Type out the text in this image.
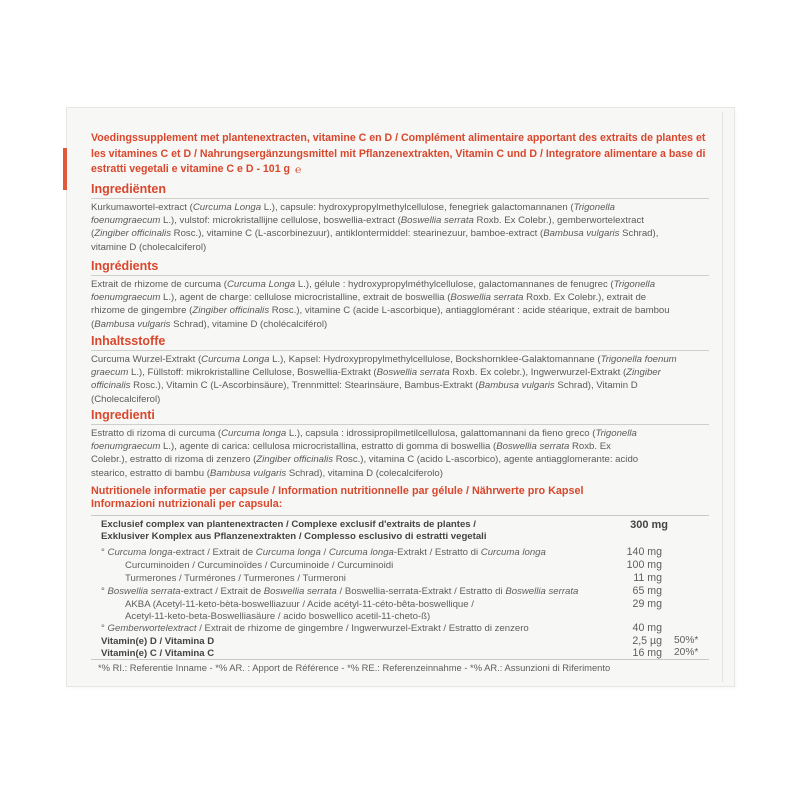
Voedingssupplement met plantenextracten, vitamine C en D / Complément alimentaire apportant des extraits de plantes et
les vitamines C et D / Nahrungsergänzungsmittel mit Pflanzenextrakten, Vitamin C und D / Integratore alimentare a base di
estratti vegetali e vitamine C e D - 101 g ℮
Ingrediënten
Kurkumawortel-extract (Curcuma Longa L.), capsule: hydroxypropylmethylcellulose, fenegriek galactomannanen (Trigonella
foenumgraecum L.), vulstof: microkristallijne cellulose, boswellia-extract (Boswellia serrata Roxb. Ex Colebr.), gemberwortelextract
(Zingiber officinalis Rosc.), vitamine C (L-ascorbinezuur), antiklontermiddel: stearinezuur, bamboe-extract (Bambusa vulgaris Schrad),
vitamine D (cholecalciferol)
Ingrédients
Extrait de rhizome de curcuma (Curcuma Longa L.), gélule : hydroxypropylméthylcellulose, galactomannanes de fenugrec (Trigonella
foenumgraecum L.), agent de charge: cellulose microcristalline, extrait de boswellia (Boswellia serrata Roxb. Ex Colebr.), extrait de
rhizome de gingembre (Zingiber officinalis Rosc.), vitamine C (acide L-ascorbique), antiagglomérant : acide stéarique, extrait de bambou
(Bambusa vulgaris Schrad), vitamine D (cholécalciférol)
Inhaltsstoffe
Curcuma Wurzel-Extrakt (Curcuma Longa L.), Kapsel: Hydroxypropylmethylcellulose, Bockshornklee-Galaktomannane (Trigonella foenum
graecum L.), Füllstoff: mikrokristalline Cellulose, Boswellia-Extrakt (Boswellia serrata Roxb. Ex colebr.), Ingwerwurzel-Extrakt (Zingiber
officinalis Rosc.), Vitamin C (L-Ascorbinsäure), Trennmittel: Stearinsäure, Bambus-Extrakt (Bambusa vulgaris Schrad), Vitamin D
(Cholecalciferol)
Ingredienti
Estratto di rizoma di curcuma (Curcuma longa L.), capsula : idrossipropilmetilcellulosa, galattomannani da fieno greco (Trigonella
foenumgraecum L.), agente di carica: cellulosa microcristallina, estratto di gomma di boswellia (Boswellia serrata Roxb. Ex
Colebr.), estratto di rizoma di zenzero (Zingiber officinalis Rosc.), vitamina C (acido L-ascorbico), agente antiagglomerante: acido
stearico, estratto di bambu (Bambusa vulgaris Schrad), vitamina D (colecalciferolo)
Nutritionele informatie per capsule / Information nutritionnelle par gélule / Nährwerte pro Kapsel
Informazioni nutrizionali per capsula:
Exclusief complex van plantenextracten / Complexe exclusif d'extraits de plantes /
Exklusiver Komplex aus Pflanzenextrakten / Complesso esclusivo di estratti vegetali
300 mg
° Curcuma longa-extract / Extrait de Curcuma longa / Curcuma longa-Extrakt / Estratto di Curcuma longa	140 mg
Curcuminoiden / Curcuminoïdes / Curcuminoide / Curcuminoidi	100 mg
Turmerones / Turmérones / Turmerones / Turmeroni	11 mg
° Boswellia serrata-extract / Extrait de Boswellia serrata / Boswellia-serrata-Extrakt / Estratto di Boswellia serrata	65 mg
AKBA (Acetyl-11-keto-bèta-boswelliazuur / Acide acétyl-11-céto-bêta-boswellique /
Acetyl-11-keto-beta-Boswelliasäure / acido boswellico acetil-11-cheto-ß)
29 mg
° Gemberwortelextract / Extrait de rhizome de gingembre / Ingwerwurzel-Extrakt / Estratto di zenzero	40 mg
Vitamin(e) D / Vitamina D	2,5 µg 50%*
Vitamin(e) C / Vitamina C	16 mg 20%*
*% RI.: Referentie Inname - *% AR. : Apport de Référence - *% RE.: Referenzeinnahme - *% AR.: Assunzioni di Riferimento
